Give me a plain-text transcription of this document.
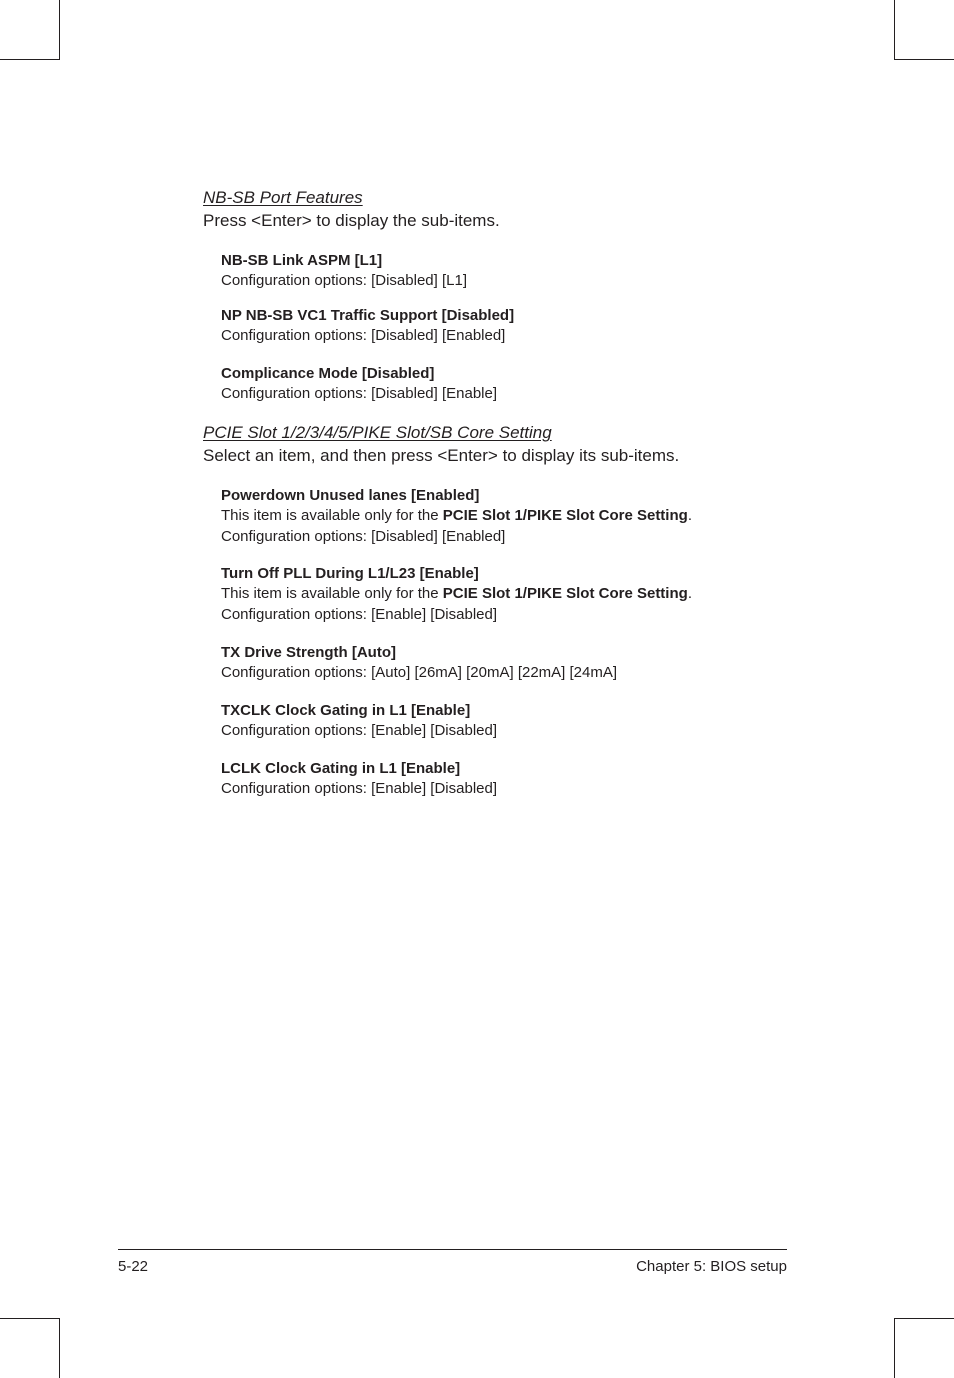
NB-SB Port Features
Press <Enter> to display the sub-items.
NB-SB Link ASPM [L1]
Configuration options: [Disabled] [L1]
NP NB-SB VC1 Traffic Support [Disabled]
Configuration options: [Disabled] [Enabled]
Complicance Mode [Disabled]
Configuration options: [Disabled] [Enable]
PCIE Slot 1/2/3/4/5/PIKE Slot/SB Core Setting
Select an item, and then press <Enter> to display its sub-items.
Powerdown Unused lanes [Enabled]
This item is available only for the PCIE Slot 1/PIKE Slot Core Setting.
Configuration options: [Disabled] [Enabled]
Turn Off PLL During L1/L23 [Enable]
This item is available only for the PCIE Slot 1/PIKE Slot Core Setting.
Configuration options: [Enable] [Disabled]
TX Drive Strength [Auto]
Configuration options: [Auto] [26mA] [20mA] [22mA] [24mA]
TXCLK Clock Gating in L1 [Enable]
Configuration options: [Enable] [Disabled]
LCLK Clock Gating in L1 [Enable]
Configuration options: [Enable] [Disabled]
5-22	Chapter 5: BIOS setup
